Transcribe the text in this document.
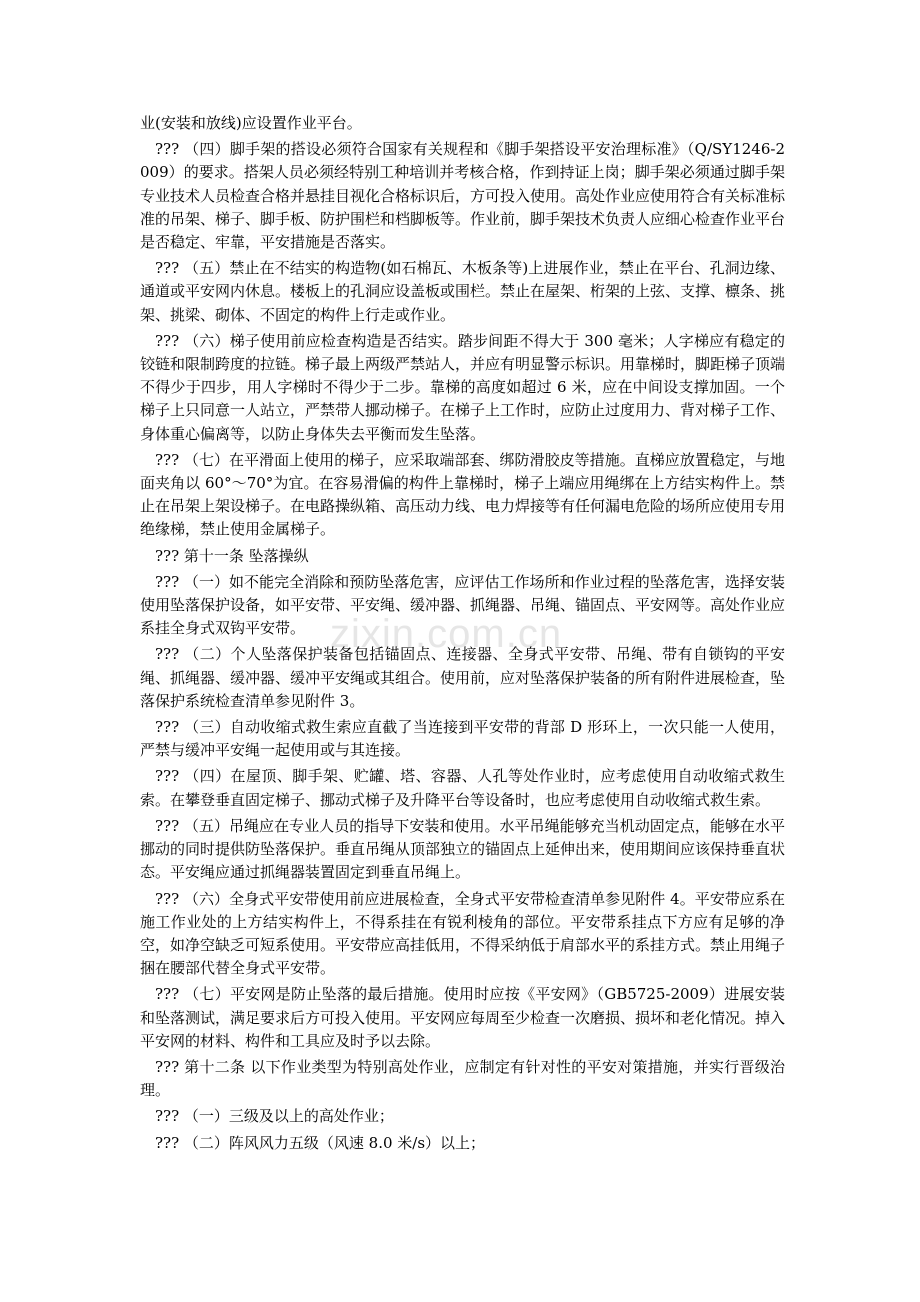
zixin.com.cn

业(安装和放线)应设置作业平台。

??? （四）脚手架的搭设必须符合国家有关规程和《脚手架搭设平安治理标准》（Q/SY1246-2009）的要求。搭架人员必须经特别工种培训并考核合格，作到持证上岗；脚手架必须通过脚手架专业技术人员检查合格并悬挂目视化合格标识后，方可投入使用。高处作业应使用符合有关标准标准的吊架、梯子、脚手板、防护围栏和档脚板等。作业前，脚手架技术负责人应细心检查作业平台是否稳定、牢靠，平安措施是否落实。

??? （五）禁止在不结实的构造物(如石棉瓦、木板条等)上进展作业，禁止在平台、孔洞边缘、通道或平安网内休息。楼板上的孔洞应设盖板或围栏。禁止在屋架、桁架的上弦、支撑、檩条、挑架、挑梁、砌体、不固定的构件上行走或作业。

??? （六）梯子使用前应检查构造是否结实。踏步间距不得大于 300 毫米；人字梯应有稳定的铰链和限制跨度的拉链。梯子最上两级严禁站人，并应有明显警示标识。用靠梯时，脚距梯子顶端不得少于四步，用人字梯时不得少于二步。靠梯的高度如超过 6 米，应在中间设支撑加固。一个梯子上只同意一人站立，严禁带人挪动梯子。在梯子上工作时，应防止过度用力、背对梯子工作、身体重心偏离等，以防止身体失去平衡而发生坠落。

??? （七）在平滑面上使用的梯子，应采取端部套、绑防滑胶皮等措施。直梯应放置稳定，与地面夹角以 60°～70°为宜。在容易滑偏的构件上靠梯时，梯子上端应用绳绑在上方结实构件上。禁止在吊架上架设梯子。在电路操纵箱、高压动力线、电力焊接等有任何漏电危险的场所应使用专用绝缘梯，禁止使用金属梯子。

??? 第十一条 坠落操纵

??? （一）如不能完全消除和预防坠落危害，应评估工作场所和作业过程的坠落危害，选择安装使用坠落保护设备，如平安带、平安绳、缓冲器、抓绳器、吊绳、锚固点、平安网等。高处作业应系挂全身式双钩平安带。

??? （二）个人坠落保护装备包括锚固点、连接器、全身式平安带、吊绳、带有自锁钩的平安绳、抓绳器、缓冲器、缓冲平安绳或其组合。使用前，应对坠落保护装备的所有附件进展检查，坠落保护系统检查清单参见附件 3。

??? （三）自动收缩式救生索应直截了当连接到平安带的背部 D 形环上，一次只能一人使用，严禁与缓冲平安绳一起使用或与其连接。

??? （四）在屋顶、脚手架、贮罐、塔、容器、人孔等处作业时，应考虑使用自动收缩式救生索。在攀登垂直固定梯子、挪动式梯子及升降平台等设备时，也应考虑使用自动收缩式救生索。

??? （五）吊绳应在专业人员的指导下安装和使用。水平吊绳能够充当机动固定点，能够在水平挪动的同时提供防坠落保护。垂直吊绳从顶部独立的锚固点上延伸出来，使用期间应该保持垂直状态。平安绳应通过抓绳器装置固定到垂直吊绳上。

??? （六）全身式平安带使用前应进展检查，全身式平安带检查清单参见附件 4。平安带应系在施工作业处的上方结实构件上，不得系挂在有锐利棱角的部位。平安带系挂点下方应有足够的净空，如净空缺乏可短系使用。平安带应高挂低用，不得采纳低于肩部水平的系挂方式。禁止用绳子捆在腰部代替全身式平安带。

??? （七）平安网是防止坠落的最后措施。使用时应按《平安网》（GB5725-2009）进展安装和坠落测试，满足要求后方可投入使用。平安网应每周至少检查一次磨损、损坏和老化情况。掉入平安网的材料、构件和工具应及时予以去除。

??? 第十二条 以下作业类型为特别高处作业，应制定有针对性的平安对策措施，并实行晋级治理。

??? （一）三级及以上的高处作业；

??? （二）阵风风力五级（风速 8.0 米/s）以上；
